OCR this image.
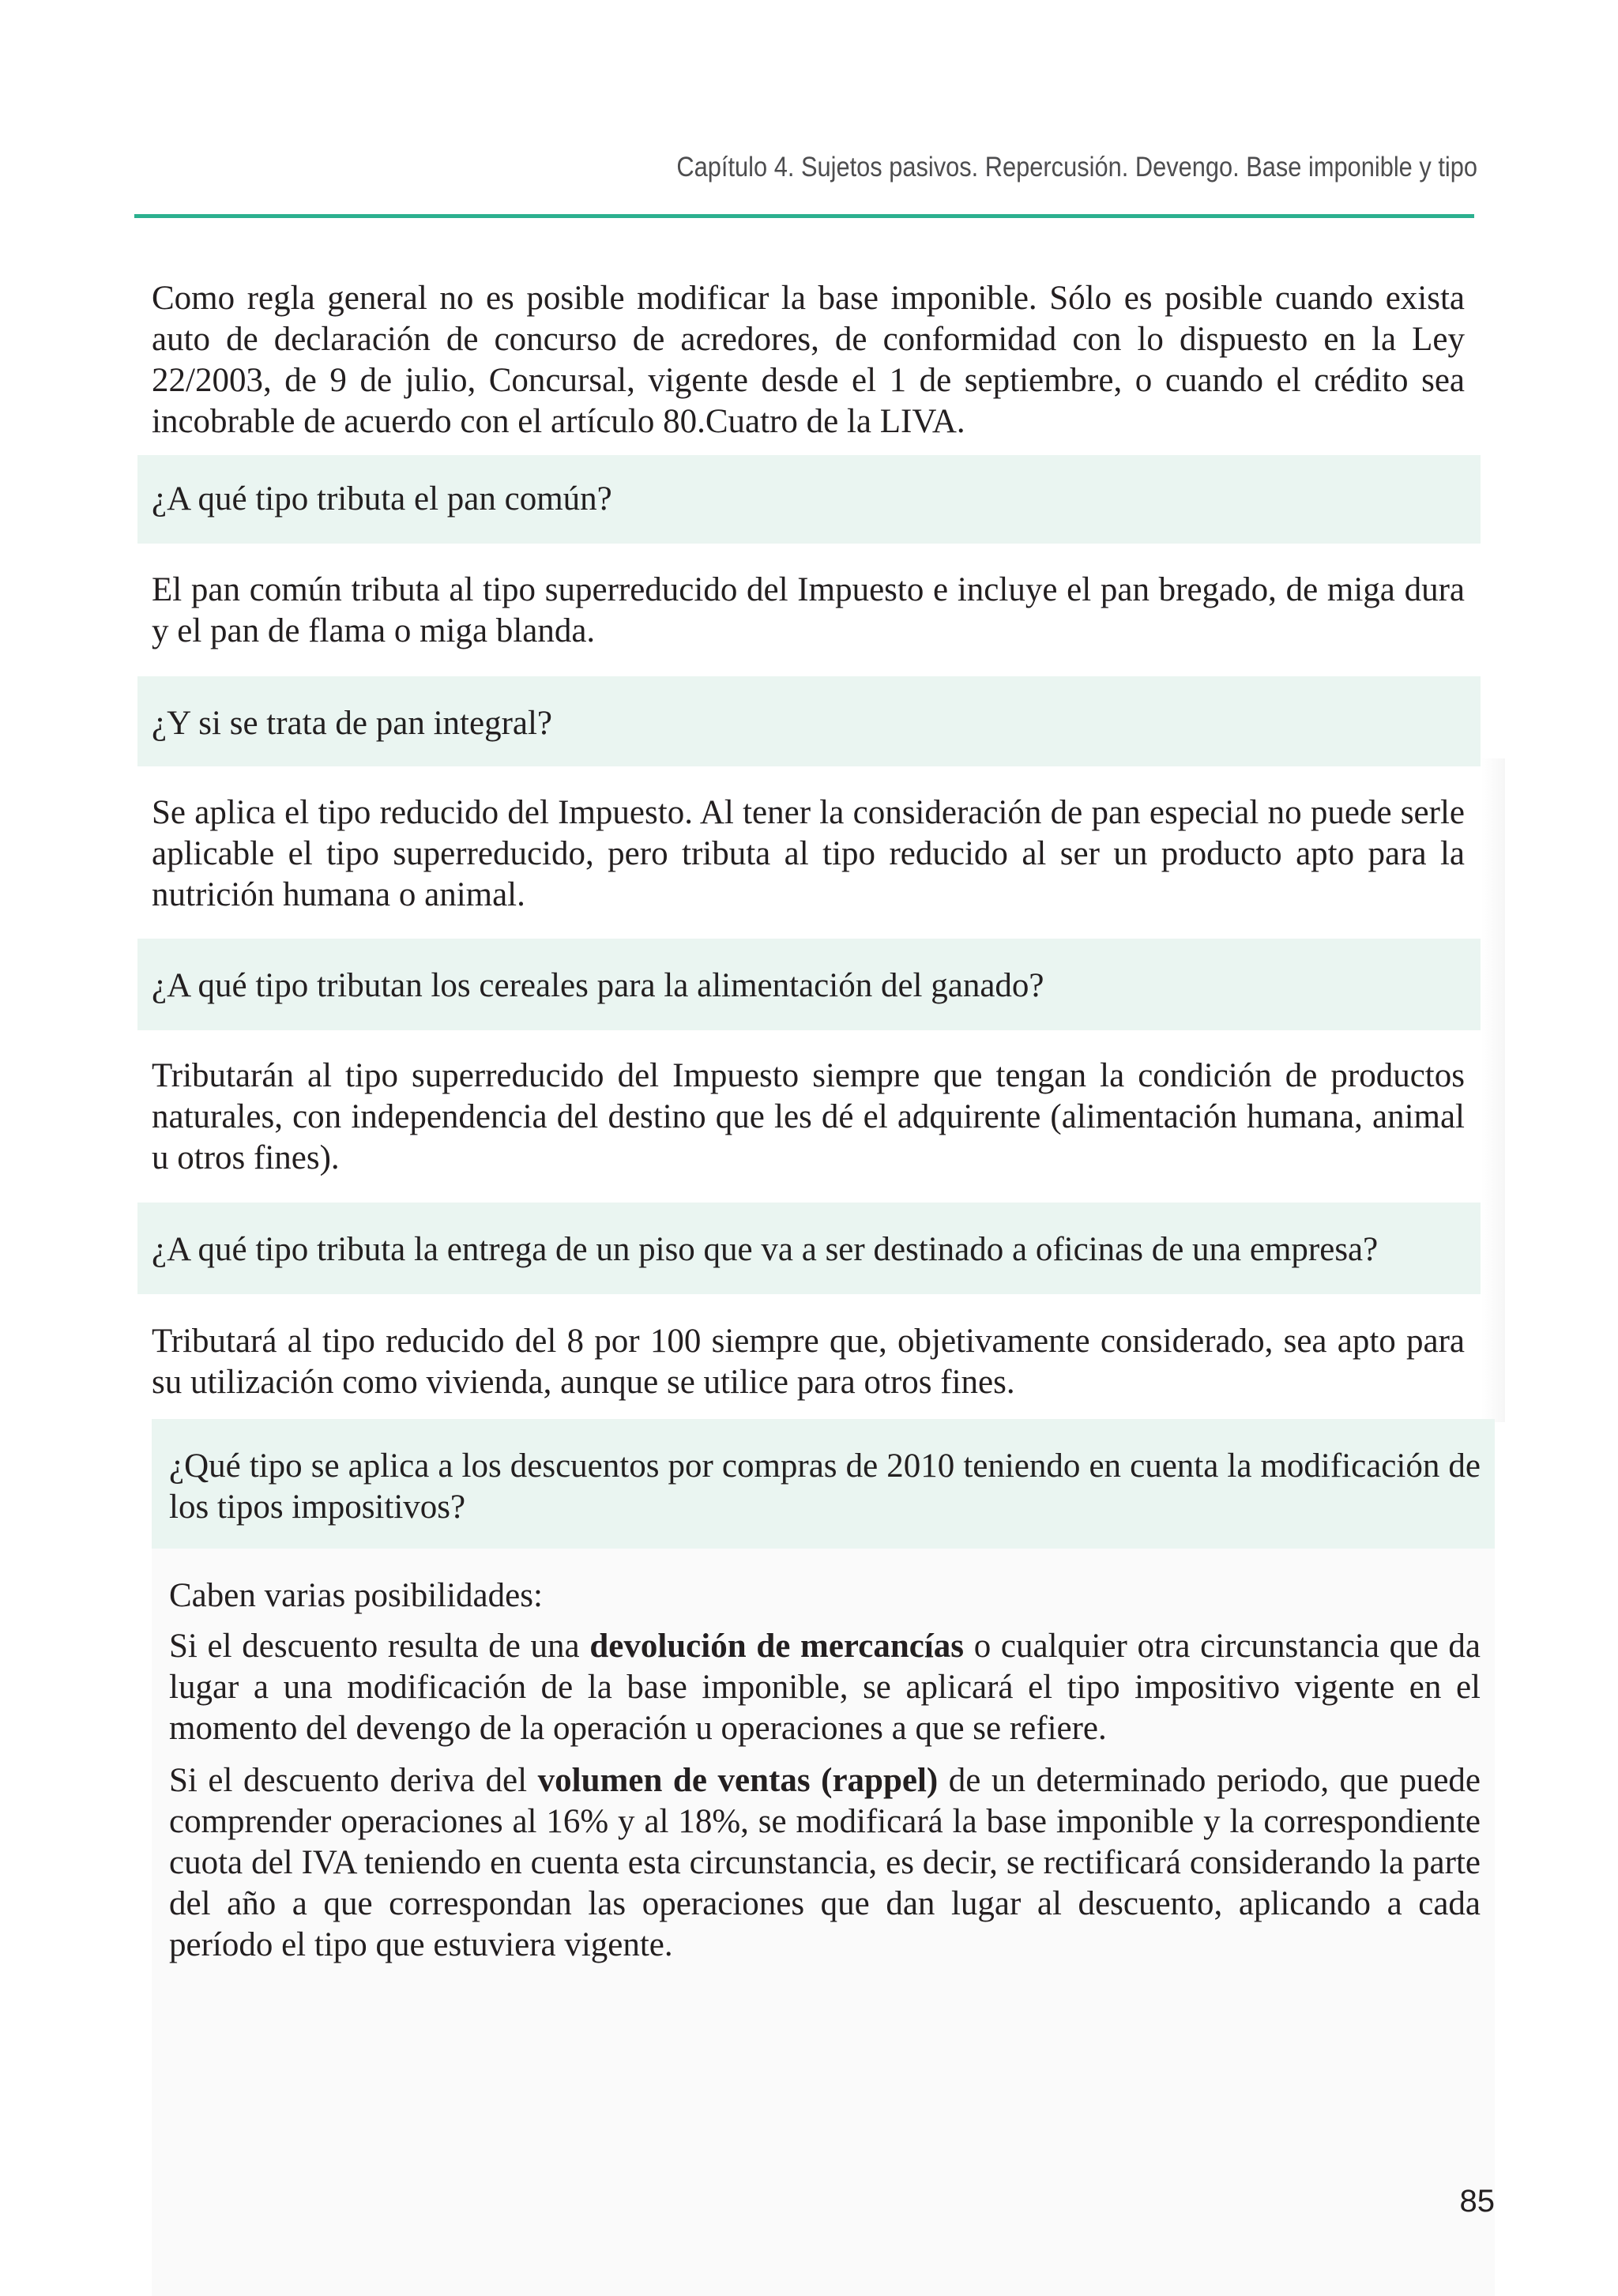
Capítulo 4. Sujetos pasivos. Repercusión. Devengo. Base imponible y tipo

Como regla general no es posible modificar la base imponible. Sólo es posible cuando exista auto de declaración de concurso de acredores, de conformidad con lo dispuesto en la Ley 22/2003, de 9 de julio, Concursal, vigente desde el 1 de septiembre, o cuando el crédito sea incobrable de acuerdo con el artículo 80.Cuatro de la LIVA.

¿A qué tipo tributa el pan común?

El pan común tributa al tipo superreducido del Impuesto e incluye el pan bregado, de miga dura y el pan de flama o miga blanda.

¿Y si se trata de pan integral?

Se aplica el tipo reducido del Impuesto. Al tener la consideración de pan especial no puede serle aplicable el tipo superreducido, pero tributa al tipo reducido al ser un producto apto para la nutrición humana o animal.

¿A qué tipo tributan los cereales para la alimentación del ganado?

Tributarán al tipo superreducido del Impuesto siempre que tengan la condición de productos naturales, con independencia del destino que les dé el adquirente (alimentación humana, animal u otros fines).

¿A qué tipo tributa la entrega de un piso que va a ser destinado a oficinas de una empresa?

Tributará al tipo reducido del 8 por 100 siempre que, objetivamente considerado, sea apto para su utilización como vivienda, aunque se utilice para otros fines.

¿Qué tipo se aplica a los descuentos por compras de 2010 teniendo en cuenta la modificación de los tipos impositivos?

Caben varias posibilidades:

Si el descuento resulta de una devolución de mercancías o cualquier otra circunstancia que da lugar a una modificación de la base imponible, se aplicará el tipo impositivo vigente en el momento del devengo de la operación u operaciones a que se refiere.

Si el descuento deriva del volumen de ventas (rappel) de un determinado periodo, que puede comprender operaciones al 16% y al 18%, se modificará la base imponible y la correspondiente cuota del IVA teniendo en cuenta esta circunstancia, es decir, se rectificará considerando la parte del año a que correspondan las operaciones que dan lugar al descuento, aplicando a cada período el tipo que estuviera vigente.

85
